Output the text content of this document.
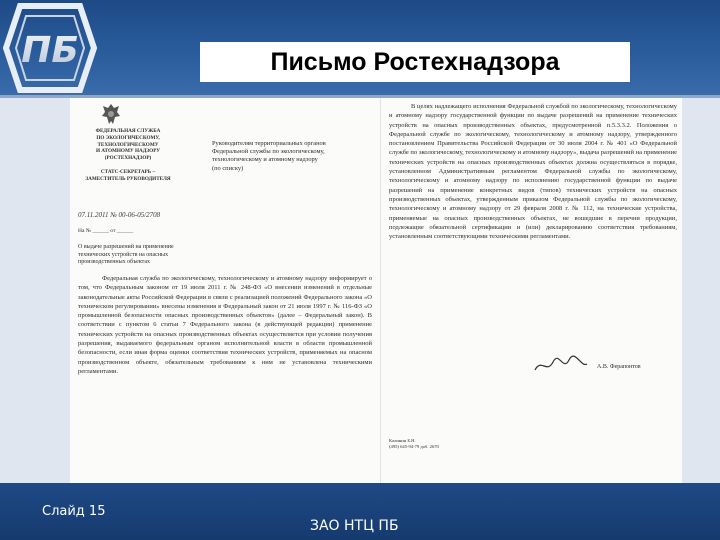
ПБ	Письмо Ростехнадзора
ФЕДЕРАЛЬНАЯ СЛУЖБА
ПО ЭКОЛОГИЧЕСКОМУ, ТЕХНОЛОГИЧЕСКОМУ
И АТОМНОМУ НАДЗОРУ
(РОСТЕХНАДЗОР)

СТАТС-СЕКРЕТАРЬ –
ЗАМЕСТИТЕЛЬ РУКОВОДИТЕЛЯ
Руководителям территориальных органов
Федеральной службы по экологическому,
технологическому и атомному надзору
(по списку)
07.11.2011 № 00-06-05/2708
На № ______ от ______
О выдаче разрешений на применение
технических устройств на опасных
производственных объектах
Федеральная служба по экологическому, технологическому и атомному надзору информирует о том, что Федеральным законом от 19 июля 2011 г. № 248-ФЗ «О внесении изменений в отдельные законодательные акты Российской Федерации в связи с реализацией положений Федерального закона «О техническом регулировании» внесены изменения в Федеральный закон от 21 июля 1997 г. № 116-ФЗ «О промышленной безопасности опасных производственных объектов» (далее – Федеральный закон). В соответствии с пунктом 6 статьи 7 Федерального закона (в действующей редакции) применение технических устройств на опасных производственных объектах осуществляется при условии получения разрешения, выдаваемого федеральным органом исполнительной власти в области промышленной безопасности, если иная форма оценки соответствия технических устройств, применяемых на опасном производственном объекте, обязательным требованиям к ним не установлена техническими регламентами.
В целях надлежащего исполнения Федеральной службой по экологическому, технологическому и атомному надзору государственной функции по выдаче разрешений на применение технических устройств на опасных производственных объектах, предусмотренной п.5.3.3.2. Положения о Федеральной службе по экологическому, технологическому и атомному надзору, утвержденного постановлением Правительства Российской Федерации от 30 июля 2004 г. № 401 «О Федеральной службе по экологическому, технологическому и атомному надзору», выдача разрешений на применение технических устройств на опасных производственных объектах должна осуществляться в порядке, установленном Административным регламентом Федеральной службы по экологическому, технологическому и атомному надзору по исполнению государственной функции по выдаче разрешений на применение конкретных видов (типов) технических устройств на опасных производственных объектах, утвержденным приказом Федеральной службы по экологическому, технологическому и атомному надзору от 29 февраля 2008 г. № 112, на технические устройства, применяемые на опасных производственных объектах, не вошедшие в перечни продукции, подлежащие обязательной сертификации и (или) декларированию соответствия требованиям, установленным соответствующими техническими регламентами.
А.В. Ферапонтов
Калинин Б.Н.
(495) 645-94-79 доб. 2670
Слайд 15
ЗАО НТЦ ПБ
